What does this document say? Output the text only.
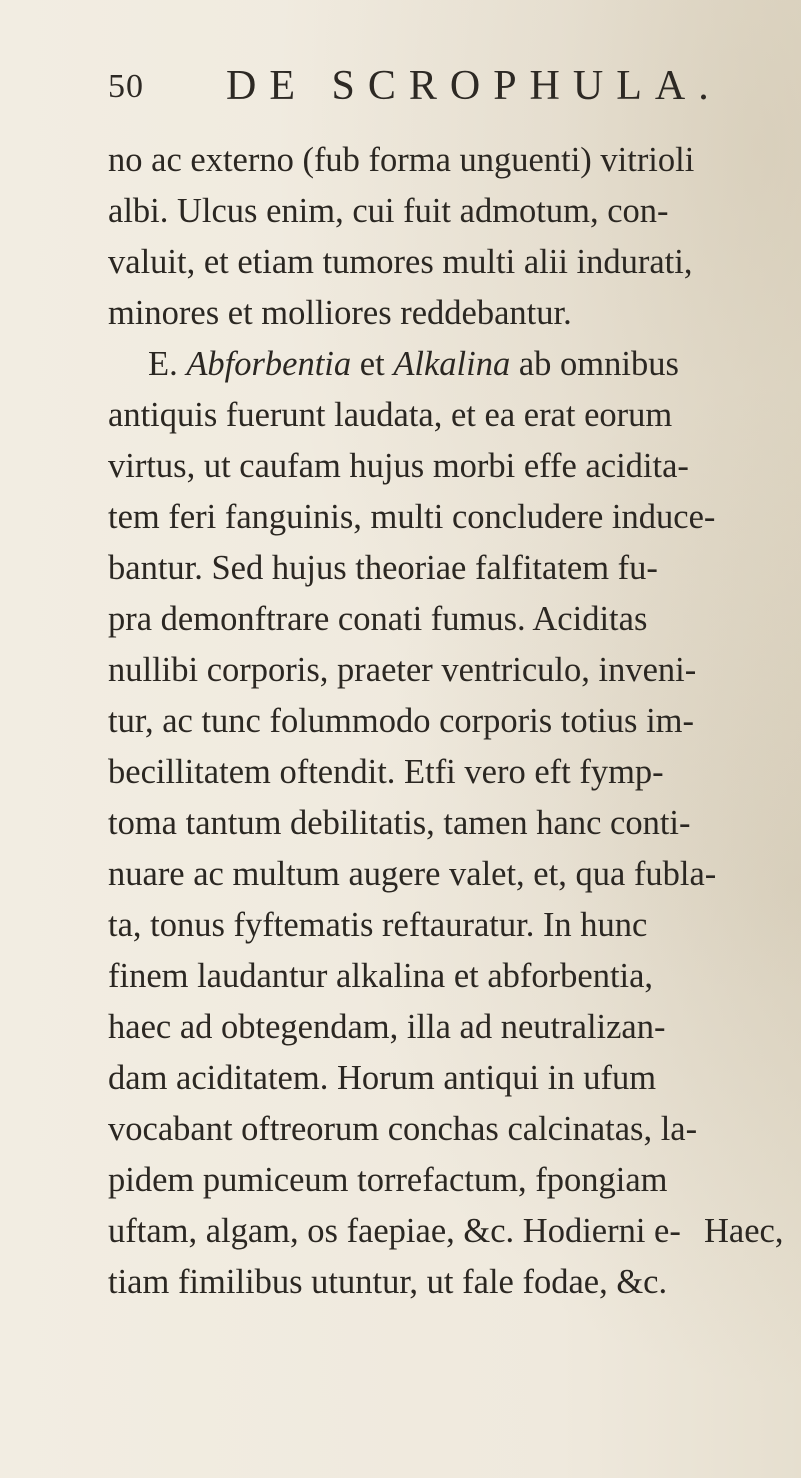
50 DE SCROPHULA.
no ac externo (fub forma unguenti) vitrioli
albi. Ulcus enim, cui fuit admotum, con-
valuit, et etiam tumores multi alii indurati,
minores et molliores reddebantur.
E. Abforbentia et Alkalina ab omnibus
antiquis fuerunt laudata, et ea erat eorum
virtus, ut caufam hujus morbi effe acidita-
tem feri fanguinis, multi concludere induce-
bantur. Sed hujus theoriae falfitatem fu-
pra demonftrare conati fumus. Aciditas
nullibi corporis, praeter ventriculo, inveni-
tur, ac tunc folummodo corporis totius im-
becillitatem oftendit. Etfi vero eft fymp-
toma tantum debilitatis, tamen hanc conti-
nuare ac multum augere valet, et, qua fubla-
ta, tonus fyftematis reftauratur. In hunc
finem laudantur alkalina et abforbentia,
haec ad obtegendam, illa ad neutralizan-
dam aciditatem. Horum antiqui in ufum
vocabant oftreorum conchas calcinatas, la-
pidem pumiceum torrefactum, fpongiam
uftam, algam, os faepiae, &c. Hodierni e-
tiam fimilibus utuntur, ut fale fodae, &c.
Haec,
